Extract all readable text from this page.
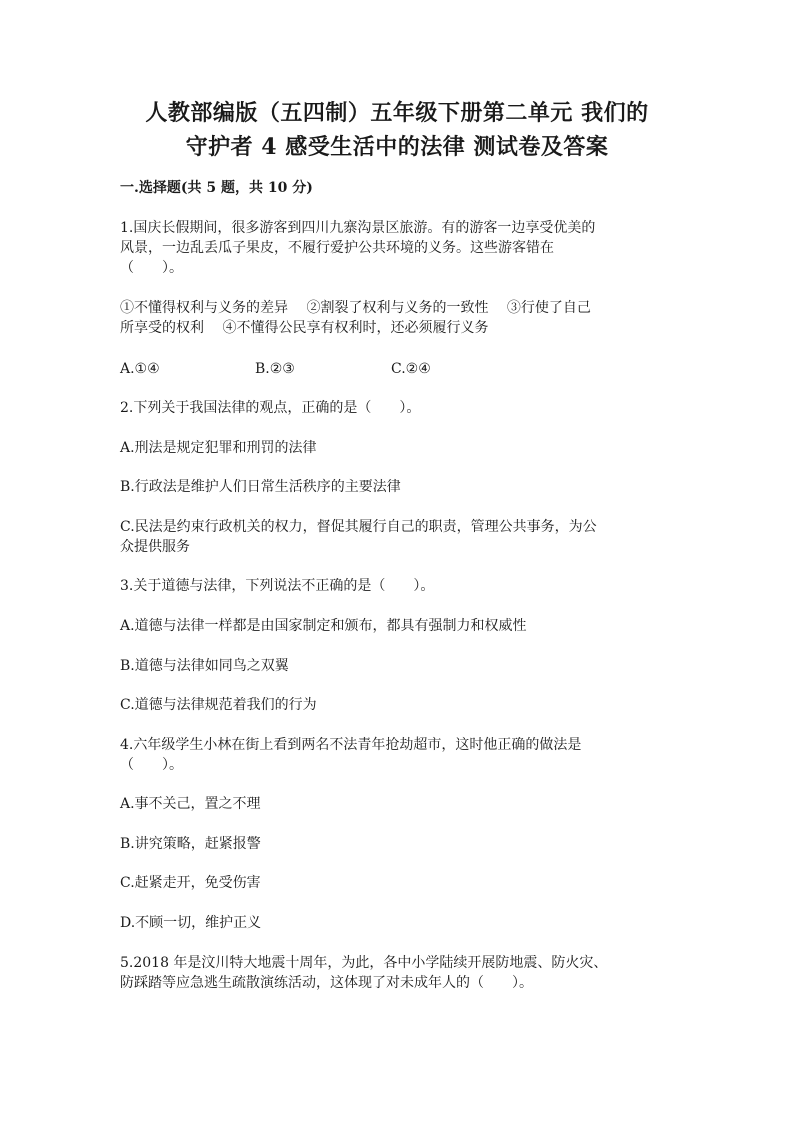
人教部编版（五四制）五年级下册第二单元 我们的
守护者 4 感受生活中的法律 测试卷及答案

一.选择题(共 5 题，共 10 分)

1.国庆长假期间，很多游客到四川九寨沟景区旅游。有的游客一边享受优美的
风景，一边乱丢瓜子果皮，不履行爱护公共环境的义务。这些游客错在
（　　）。

①不懂得权利与义务的差异　 ②割裂了权利与义务的一致性　 ③行使了自己
所享受的权利　 ④不懂得公民享有权利时，还必须履行义务

A.①④	B.②③	C.②④

2.下列关于我国法律的观点，正确的是（　　）。

A.刑法是规定犯罪和刑罚的法律

B.行政法是维护人们日常生活秩序的主要法律

C.民法是约束行政机关的权力，督促其履行自己的职责，管理公共事务，为公
众提供服务

3.关于道德与法律，下列说法不正确的是（　　）。

A.道德与法律一样都是由国家制定和颁布，都具有强制力和权威性

B.道德与法律如同鸟之双翼

C.道德与法律规范着我们的行为

4.六年级学生小林在街上看到两名不法青年抢劫超市，这时他正确的做法是
（　　）。

A.事不关己，置之不理

B.讲究策略，赶紧报警

C.赶紧走开，免受伤害

D.不顾一切，维护正义

5.2018 年是汶川特大地震十周年，为此，各中小学陆续开展防地震、防火灾、
防踩踏等应急逃生疏散演练活动，这体现了对未成年人的（　　）。
